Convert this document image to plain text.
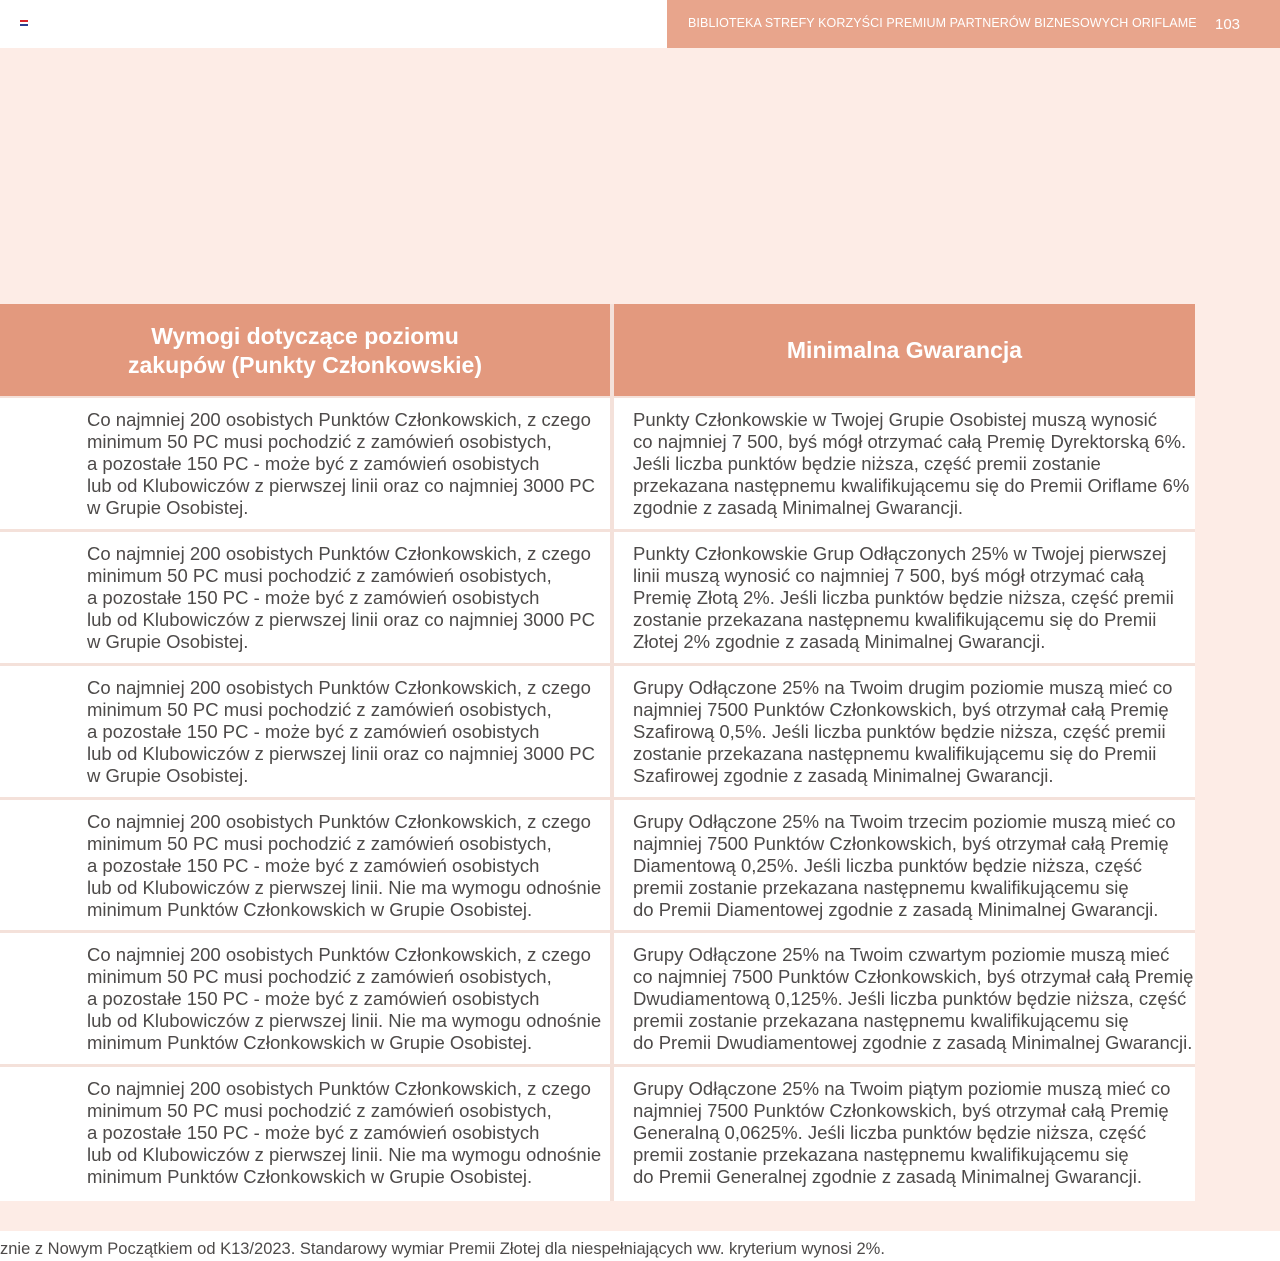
BIBLIOTEKA STREFY KORZYŚCI PREMIUM PARTNERÓW BIZNESOWYCH ORIFLAME 103
Wymogi dotyczące poziomu
zakupów (Punkty Członkowskie)
Minimalna Gwarancja
Co najmniej 200 osobistych Punktów Członkowskich, z czego
minimum 50 PC musi pochodzić z zamówień osobistych,
a pozostałe 150 PC - może być z zamówień osobistych
lub od Klubowiczów z pierwszej linii oraz co najmniej 3000 PC
w Grupie Osobistej.
Punkty Członkowskie w Twojej Grupie Osobistej muszą wynosić
co najmniej 7 500, byś mógł otrzymać całą Premię Dyrektorską 6%.
Jeśli liczba punktów będzie niższa, część premii zostanie
przekazana następnemu kwalifikującemu się do Premii Oriflame 6%
zgodnie z zasadą Minimalnej Gwarancji.
Co najmniej 200 osobistych Punktów Członkowskich, z czego
minimum 50 PC musi pochodzić z zamówień osobistych,
a pozostałe 150 PC - może być z zamówień osobistych
lub od Klubowiczów z pierwszej linii oraz co najmniej 3000 PC
w Grupie Osobistej.
Punkty Członkowskie Grup Odłączonych 25% w Twojej pierwszej
linii muszą wynosić co najmniej 7 500, byś mógł otrzymać całą
Premię Złotą 2%. Jeśli liczba punktów będzie niższa, część premii
zostanie przekazana następnemu kwalifikującemu się do Premii
Złotej 2% zgodnie z zasadą Minimalnej Gwarancji.
Co najmniej 200 osobistych Punktów Członkowskich, z czego
minimum 50 PC musi pochodzić z zamówień osobistych,
a pozostałe 150 PC - może być z zamówień osobistych
lub od Klubowiczów z pierwszej linii oraz co najmniej 3000 PC
w Grupie Osobistej.
Grupy Odłączone 25% na Twoim drugim poziomie muszą mieć co
najmniej 7500 Punktów Członkowskich, byś otrzymał całą Premię
Szafirową 0,5%. Jeśli liczba punktów będzie niższa, część premii
zostanie przekazana następnemu kwalifikującemu się do Premii
Szafirowej zgodnie z zasadą Minimalnej Gwarancji.
Co najmniej 200 osobistych Punktów Członkowskich, z czego
minimum 50 PC musi pochodzić z zamówień osobistych,
a pozostałe 150 PC - może być z zamówień osobistych
lub od Klubowiczów z pierwszej linii. Nie ma wymogu odnośnie
minimum Punktów Członkowskich w Grupie Osobistej.
Grupy Odłączone 25% na Twoim trzecim poziomie muszą mieć co
najmniej 7500 Punktów Członkowskich, byś otrzymał całą Premię
Diamentową 0,25%. Jeśli liczba punktów będzie niższa, część
premii zostanie przekazana następnemu kwalifikującemu się
do Premii Diamentowej zgodnie z zasadą Minimalnej Gwarancji.
Co najmniej 200 osobistych Punktów Członkowskich, z czego
minimum 50 PC musi pochodzić z zamówień osobistych,
a pozostałe 150 PC - może być z zamówień osobistych
lub od Klubowiczów z pierwszej linii. Nie ma wymogu odnośnie
minimum Punktów Członkowskich w Grupie Osobistej.
Grupy Odłączone 25% na Twoim czwartym poziomie muszą mieć
co najmniej 7500 Punktów Członkowskich, byś otrzymał całą Premię
Dwudiamentową 0,125%. Jeśli liczba punktów będzie niższa, część
premii zostanie przekazana następnemu kwalifikującemu się
do Premii Dwudiamentowej zgodnie z zasadą Minimalnej Gwarancji.
Co najmniej 200 osobistych Punktów Członkowskich, z czego
minimum 50 PC musi pochodzić z zamówień osobistych,
a pozostałe 150 PC - może być z zamówień osobistych
lub od Klubowiczów z pierwszej linii. Nie ma wymogu odnośnie
minimum Punktów Członkowskich w Grupie Osobistej.
Grupy Odłączone 25% na Twoim piątym poziomie muszą mieć co
najmniej 7500 Punktów Członkowskich, byś otrzymał całą Premię
Generalną 0,0625%. Jeśli liczba punktów będzie niższa, część
premii zostanie przekazana następnemu kwalifikującemu się
do Premii Generalnej zgodnie z zasadą Minimalnej Gwarancji.
znie z Nowym Początkiem od K13/2023. Standarowy wymiar Premii Złotej dla niespełniających ww. kryterium wynosi 2%.
